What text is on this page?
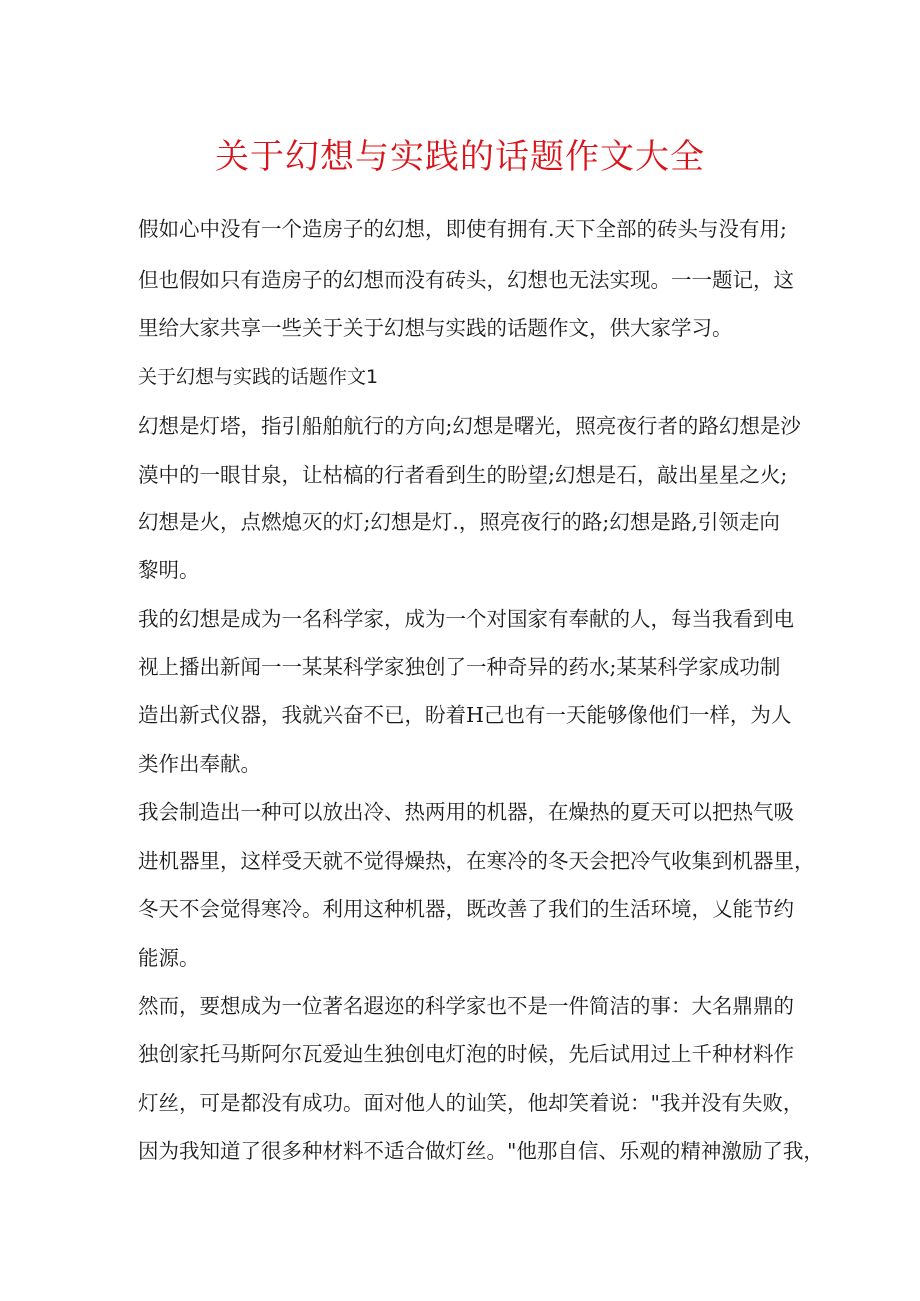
关于幻想与实践的话题作文大全
假如心中没有一个造房子的幻想，即使有拥有.天下全部的砖头与没有用;
但也假如只有造房子的幻想而没有砖头，幻想也无法实现。一一题记，这
里给大家共享一些关于关于幻想与实践的话题作文，供大家学习。
关于幻想与实践的话题作文1
幻想是灯塔，指引船舶航行的方向;幻想是曙光，照亮夜行者的路幻想是沙
漠中的一眼甘泉，让枯槁的行者看到生的盼望;幻想是石，敲出星星之火;
幻想是火，点燃熄灭的灯;幻想是灯.，照亮夜行的路;幻想是路,引领走向
黎明。
我的幻想是成为一名科学家，成为一个对国家有奉献的人，每当我看到电
视上播出新闻一一某某科学家独创了一种奇异的药水;某某科学家成功制
造出新式仪器，我就兴奋不已，盼着H己也有一天能够像他们一样，为人
类作出奉献。
我会制造出一种可以放出冷、热两用的机器，在燥热的夏天可以把热气吸
进机器里，这样受天就不觉得燥热，在寒冷的冬天会把冷气收集到机器里，
冬天不会觉得寒冷。利用这种机器，既改善了我们的生活环境，乂能节约
能源。
然而，要想成为一位著名遐迩的科学家也不是一件简洁的事：大名鼎鼎的
独创家托马斯阿尔瓦爱辿生独创电灯泡的时候，先后试用过上千种材料作
灯丝，可是都没有成功。面对他人的讪笑，他却笑着说："我并没有失败，
因为我知道了很多种材料不适合做灯丝。"他那自信、乐观的精神激励了我，
